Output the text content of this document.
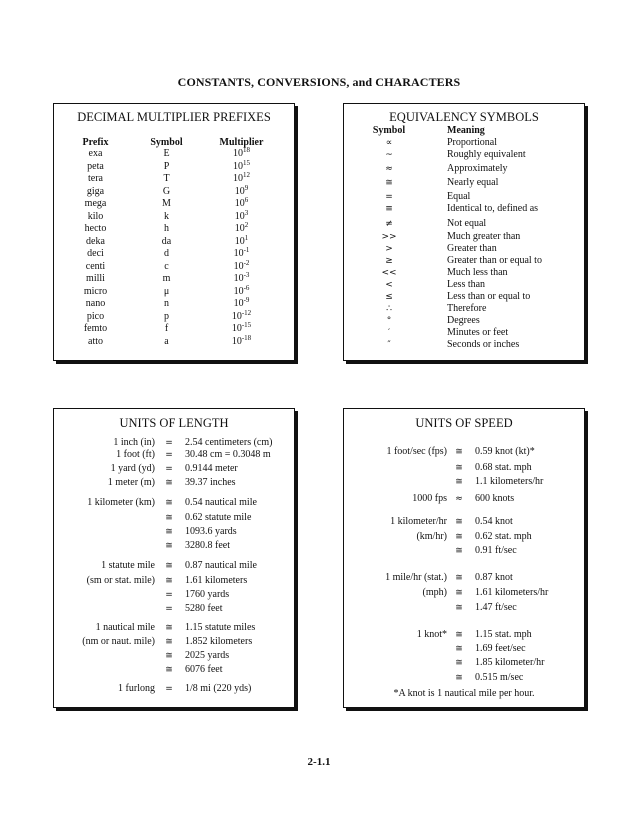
CONSTANTS, CONVERSIONS, and CHARACTERS
DECIMAL MULTIPLIER PREFIXES
Prefix	Symbol	Multiplier
exa	E	$10^{18}$
peta	P	$10^{15}$
tera	T	$10^{12}$
giga	G	$10^9$
mega	M	$10^6$
kilo	k	$10^3$
hecto	h	$10^2$
deka	da	$10^1$
deci	d	$10^{-1}$
centi	c	$10^{-2}$
milli	m	$10^{-3}$
micro	μ	$10^{-6}$
nano	n	$10^{-9}$
pico	p	$10^{-12}$
femto	f	$10^{-15}$
atto	a	$10^{-18}$
EQUIVALENCY SYMBOLS
Symbol	Meaning
∝	Proportional
~	Roughly equivalent
≈	Approximately
≅	Nearly equal
=	Equal
≡	Identical to, defined as
≠	Not equal
>>	Much greater than
>	Greater than
≥	Greater than or equal to
<<	Much less than
<	Less than
≤	Less than or equal to
∴	Therefore
°	Degrees
′	Minutes or feet
″	Seconds or inches
UNITS OF LENGTH
1 inch (in)	=	2.54 centimeters (cm)
1 foot (ft)	=	30.48 cm = 0.3048 m
1 yard (yd)	=	0.9144 meter
1 meter (m)	≅	39.37 inches
1 kilometer (km)	≅	0.54 nautical mile
≅	0.62 statute mile
≅	1093.6 yards
≅	3280.8 feet
1 statute mile	≅	0.87 nautical mile
(sm or stat. mile)	≅	1.61 kilometers
=	1760 yards
=	5280 feet
1 nautical mile	≅	1.15 statute miles
(nm or naut. mile)	≅	1.852 kilometers
≅	2025 yards
≅	6076 feet
1 furlong	=	1/8 mi (220 yds)
UNITS OF SPEED
1 foot/sec (fps) ≅	0.59 knot (kt)*
≅	0.68 stat. mph
≅	1.1 kilometers/hr
1000 fps ≈	600 knots
1 kilometer/hr ≅	0.54 knot
(km/hr) ≅	0.62 stat. mph
≅	0.91 ft/sec
1 mile/hr (stat.) ≅	0.87 knot
(mph) ≅	1.61 kilometers/hr
≅	1.47 ft/sec
1 knot* ≅	1.15 stat. mph
≅	1.69 feet/sec
≅	1.85 kilometer/hr
≅	0.515 m/sec
*A knot is 1 nautical mile per hour.
2-1.1
